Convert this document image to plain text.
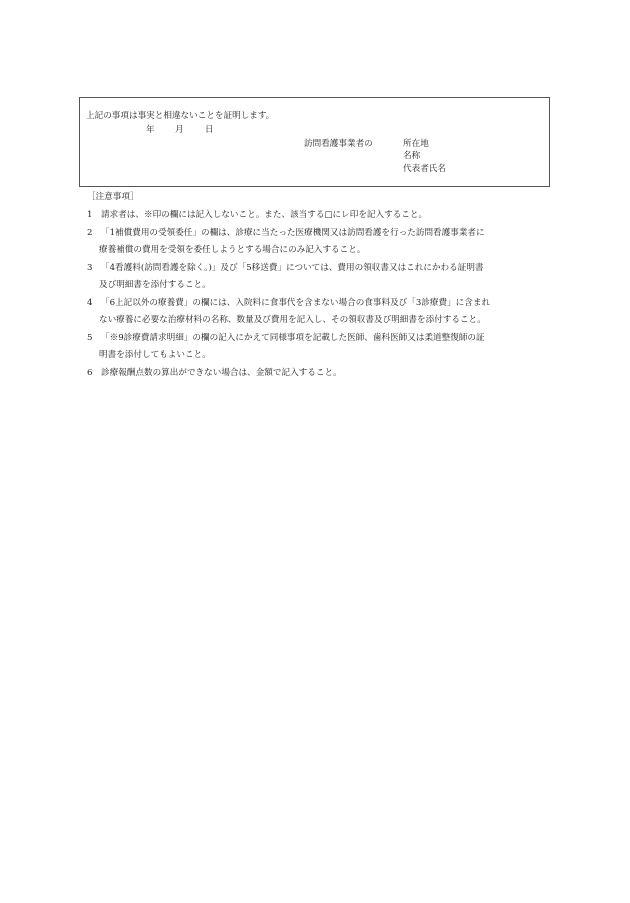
上記の事項は事実と相違ないことを証明します。
年 月 日
訪問看護事業者の	所在地
名称
代表者氏名
［注意事項］
1 請求者は、※印の欄には記入しないこと。また、該当する□にレ印を記入すること。
2 「1補償費用の受領委任」の欄は、診療に当たった医療機関又は訪問看護を行った訪問看護事業者に
療養補償の費用を受領を委任しようとする場合にのみ記入すること。
3 「4看護料(訪問看護を除く。)」及び「5移送費」については、費用の領収書又はこれにかわる証明書
及び明細書を添付すること。
4 「6上記以外の療養費」の欄には、入院料に食事代を含まない場合の食事料及び「3診療費」に含まれ
ない療養に必要な治療材料の名称、数量及び費用を記入し、その領収書及び明細書を添付すること。
5 「※9診療費請求明細」の欄の記入にかえて同様事項を記載した医師、歯科医師又は柔道整復師の証
明書を添付してもよいこと。
6 診療報酬点数の算出ができない場合は、金額で記入すること。
